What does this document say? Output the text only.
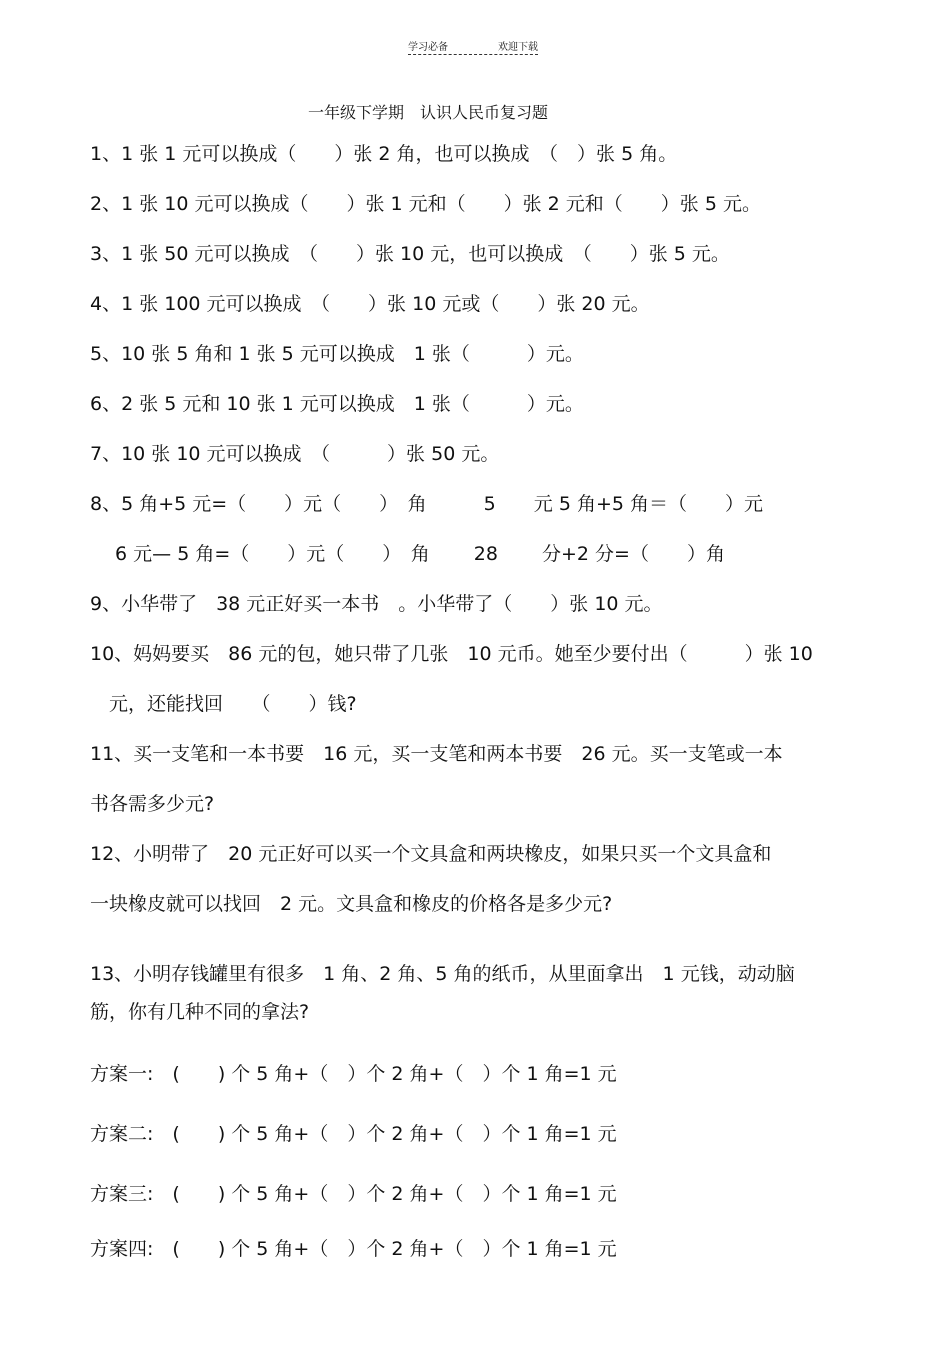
学习必备	欢迎下载
一年级下学期　认识人民币复习题
1、1 张 1 元可以换成（　　）张 2 角，也可以换成　（　）张 5 角。
2、1 张 10 元可以换成（　　）张 1 元和（　　）张 2 元和（　　）张 5 元。
3、1 张 50 元可以换成　（　　）张 10 元，也可以换成　（　　）张 5 元。
4、1 张 100 元可以换成　（　　）张 10 元或（　　）张 20 元。
5、10 张 5 角和 1 张 5 元可以换成　1 张（　　　）元。
6、2 张 5 元和 10 张 1 元可以换成　1 张（　　　）元。
7、10 张 10 元可以换成　（　　　）张 50 元。
8、5 角+5 元=（　　）元（　　）　角　　　5　　元 5 角+5 角＝（　　）元
　 6 元— 5 角=（　　）元（　　）　角　　 28　　 分+2 分=（　　）角
9、小华带了　38 元正好买一本书　。小华带了（　　）张 10 元。
10、妈妈要买　86 元的包，她只带了几张　10 元币。她至少要付出（　　　）张 10
　元，还能找回　　（　　）钱?
11、买一支笔和一本书要　16 元，买一支笔和两本书要　26 元。买一支笔或一本
书各需多少元?
12、小明带了　20 元正好可以买一个文具盒和两块橡皮，如果只买一个文具盒和
一块橡皮就可以找回　2 元。文具盒和橡皮的价格各是多少元?
13、小明存钱罐里有很多　1 角、2 角、5 角的纸币，从里面拿出　1 元钱，动动脑
筋，你有几种不同的拿法?
方案一:　(　　) 个 5 角+（　）个 2 角+（　）个 1 角=1 元
方案二:　(　　) 个 5 角+（　）个 2 角+（　）个 1 角=1 元
方案三:　(　　) 个 5 角+（　）个 2 角+（　）个 1 角=1 元
方案四:　(　　) 个 5 角+（　）个 2 角+（　）个 1 角=1 元
